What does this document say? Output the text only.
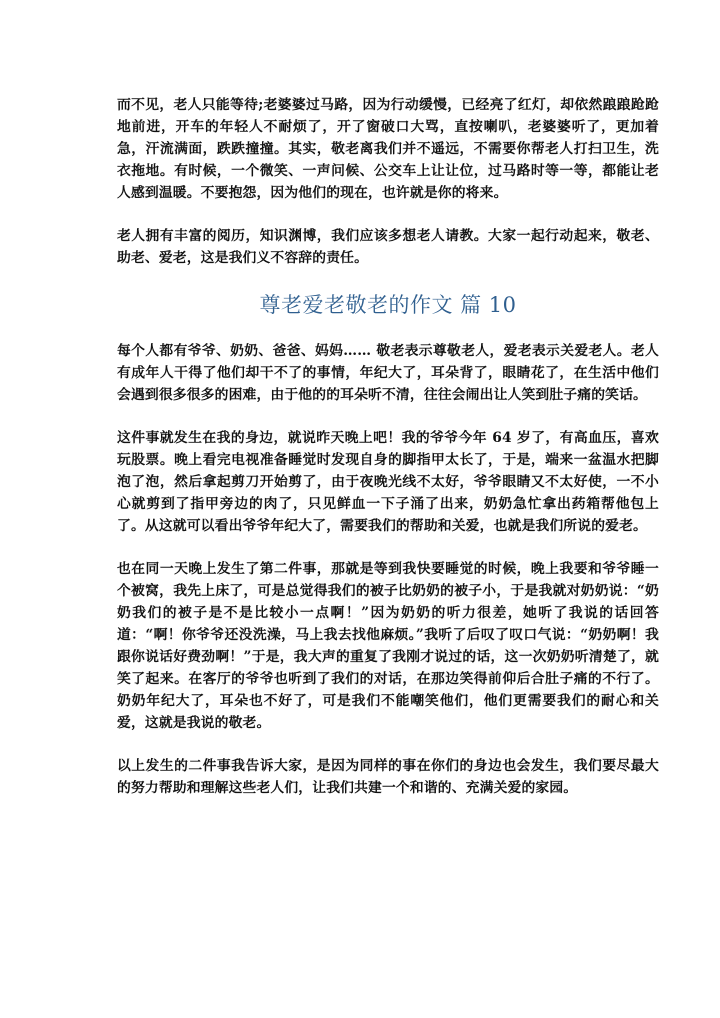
而不见，老人只能等待;老婆婆过马路，因为行动缓慢，已经亮了红灯，却依然踉踉跄跄地前进，开车的年轻人不耐烦了，开了窗破口大骂，直按喇叭，老婆婆听了，更加着急，汗流满面，跌跌撞撞。其实，敬老离我们并不遥远，不需要你帮老人打扫卫生，洗衣拖地。有时候，一个微笑、一声问候、公交车上让让位，过马路时等一等，都能让老人感到温暖。不要抱怨，因为他们的现在，也许就是你的将来。

老人拥有丰富的阅历，知识渊博，我们应该多想老人请教。大家一起行动起来，敬老、助老、爱老，这是我们义不容辞的责任。

尊老爱老敬老的作文 篇 10

每个人都有爷爷、奶奶、爸爸、妈妈…… 敬老表示尊敬老人，爱老表示关爱老人。老人有成年人干得了他们却干不了的事情，年纪大了，耳朵背了，眼睛花了，在生活中他们会遇到很多很多的困难，由于他的的耳朵听不清，往往会闹出让人笑到肚子痛的笑话。

这件事就发生在我的身边，就说昨天晚上吧！我的爷爷今年 64 岁了，有高血压，喜欢玩股票。晚上看完电视准备睡觉时发现自身的脚指甲太长了，于是，端来一盆温水把脚泡了泡，然后拿起剪刀开始剪了，由于夜晚光线不太好，爷爷眼睛又不太好使，一不小心就剪到了指甲旁边的肉了，只见鲜血一下子涌了出来，奶奶急忙拿出药箱帮他包上了。从这就可以看出爷爷年纪大了，需要我们的帮助和关爱，也就是我们所说的爱老。

也在同一天晚上发生了第二件事，那就是等到我快要睡觉的时候，晚上我要和爷爷睡一个被窝，我先上床了，可是总觉得我们的被子比奶奶的被子小，于是我就对奶奶说：“奶奶我们的被子是不是比较小一点啊！”因为奶奶的听力很差，她听了我说的话回答道：“啊！你爷爷还没洗澡，马上我去找他麻烦。”我听了后叹了叹口气说：“奶奶啊！我跟你说话好费劲啊！”于是，我大声的重复了我刚才说过的话，这一次奶奶听清楚了，就笑了起来。在客厅的爷爷也听到了我们的对话，在那边笑得前仰后合肚子痛的不行了。奶奶年纪大了，耳朵也不好了，可是我们不能嘲笑他们，他们更需要我们的耐心和关爱，这就是我说的敬老。

以上发生的二件事我告诉大家，是因为同样的事在你们的身边也会发生，我们要尽最大的努力帮助和理解这些老人们，让我们共建一个和谐的、充满关爱的家园。
